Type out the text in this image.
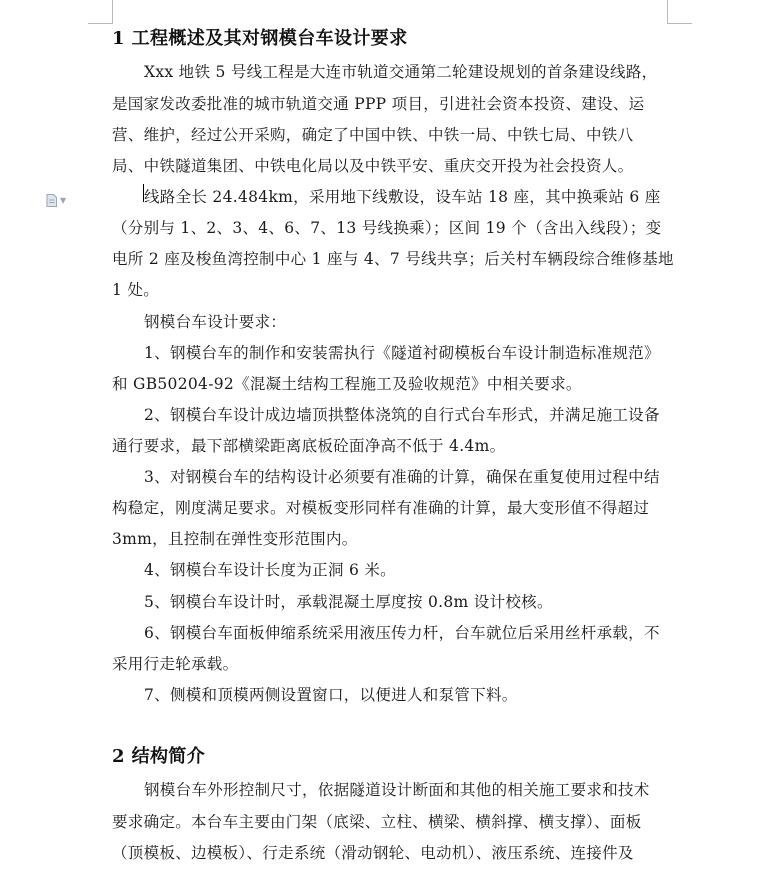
▼
1 工程概述及其对钢模台车设计要求
Xxx 地铁 5 号线工程是大连市轨道交通第二轮建设规划的首条建设线路，
是国家发改委批准的城市轨道交通 PPP 项目，引进社会资本投资、建设、运
营、维护，经过公开采购，确定了中国中铁、中铁一局、中铁七局、中铁八
局、中铁隧道集团、中铁电化局以及中铁平安、重庆交开投为社会投资人。
线路全长 24.484km，采用地下线敷设，设车站 18 座，其中换乘站 6 座
（分别与 1、2、3、4、6、7、13 号线换乘）；区间 19 个（含出入线段）；变
电所 2 座及梭鱼湾控制中心 1 座与 4、7 号线共享；后关村车辆段综合维修基地
1 处。
钢模台车设计要求：
1、钢模台车的制作和安装需执行《隧道衬砌模板台车设计制造标准规范》
和 GB50204-92《混凝土结构工程施工及验收规范》中相关要求。
2、钢模台车设计成边墙顶拱整体浇筑的自行式台车形式，并满足施工设备
通行要求，最下部横梁距离底板砼面净高不低于 4.4m。
3、对钢模台车的结构设计必须要有准确的计算，确保在重复使用过程中结
构稳定，刚度满足要求。对模板变形同样有准确的计算，最大变形值不得超过
3mm，且控制在弹性变形范围内。
4、钢模台车设计长度为正洞 6 米。
5、钢模台车设计时，承载混凝土厚度按 0.8m 设计校核。
6、钢模台车面板伸缩系统采用液压传力杆，台车就位后采用丝杆承载，不
采用行走轮承载。
7、侧模和顶模两侧设置窗口，以便进人和泵管下料。
2 结构简介
钢模台车外形控制尺寸，依据隧道设计断面和其他的相关施工要求和技术
要求确定。本台车主要由门架（底梁、立柱、横梁、横斜撑、横支撑）、面板
（顶模板、边模板）、行走系统（滑动钢轮、电动机）、液压系统、连接件及
